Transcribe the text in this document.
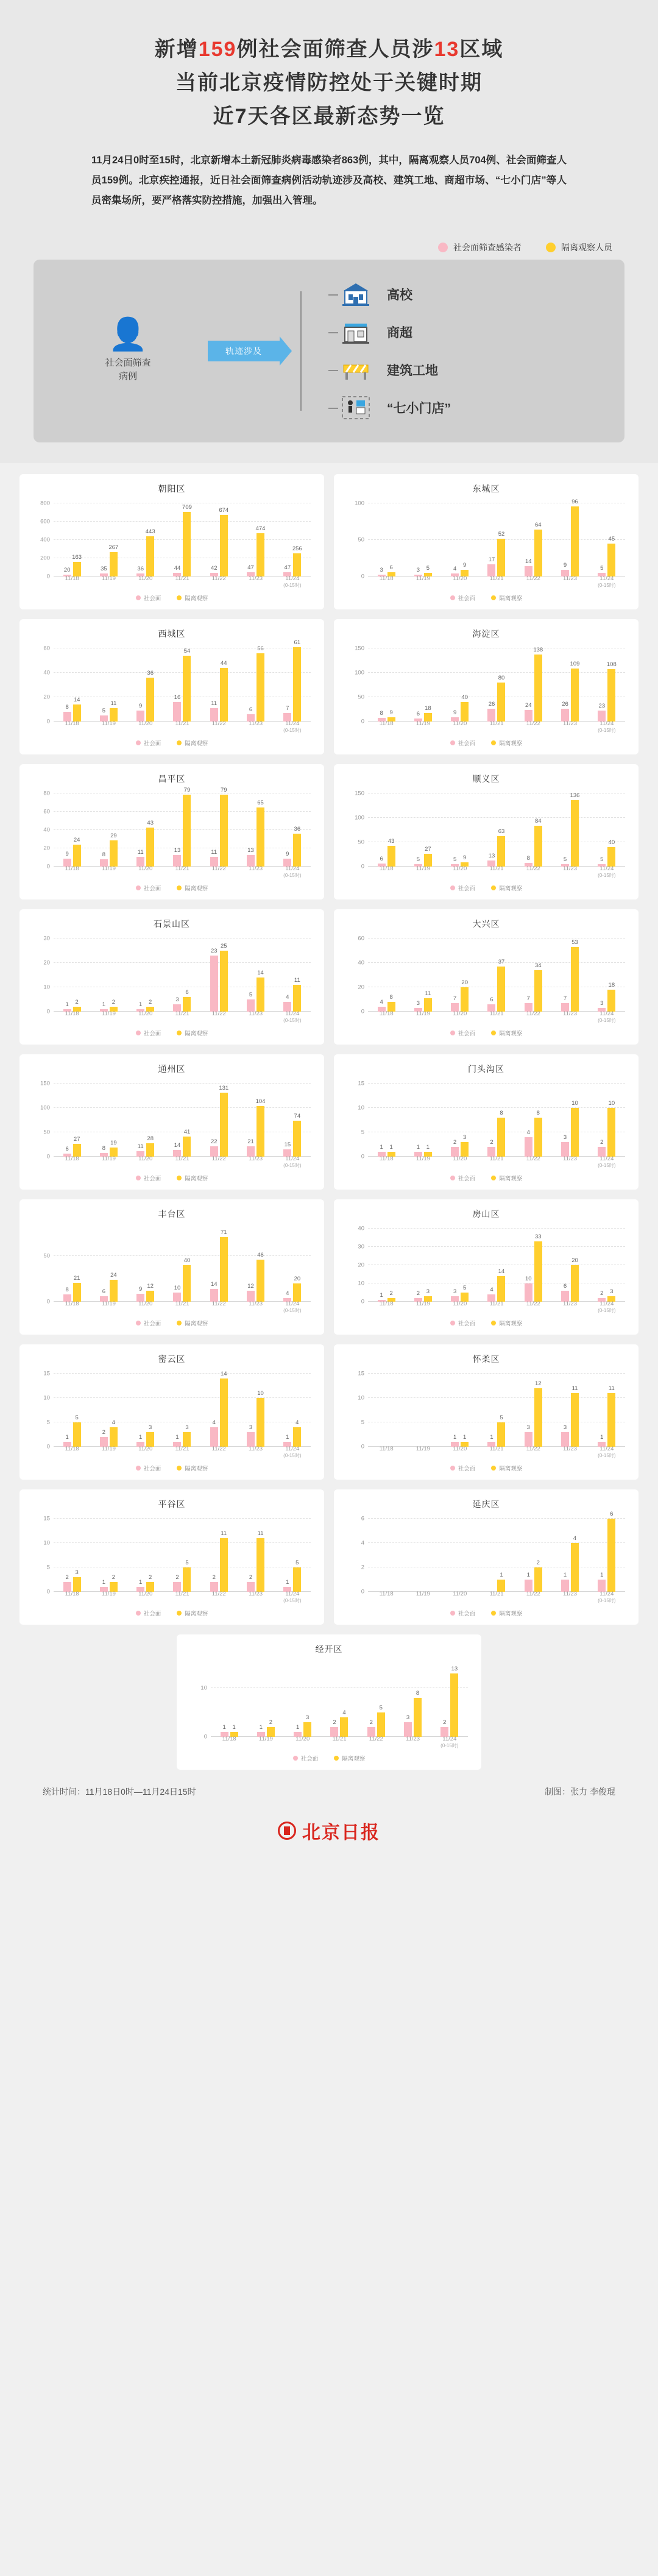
新增159例社会面筛查人员涉13区域
当前北京疫情防控处于关键时期
近7天各区最新态势一览
11月24日0时至15时，北京新增本土新冠肺炎病毒感染者863例，其中，隔离观察人员704例、社会面筛查人员159例。北京疾控通报，近日社会面筛查病例活动轨迹涉及高校、建筑工地、商超市场、“七小门店”等人员密集场所，要严格落实防控措施，加强出入管理。
社会面筛查感染者	隔离观察人员
👤
社会面筛查
病例
轨迹涉及
高校
商超
建筑工地
“七小门店”
朝阳区
0
200
400
600
800
20
163
35
267
36
443
44
709
42
674
47
474
47
256
11/18	11/19	11/20	11/21	11/22	11/23	11/24
(0-15时)
社会面	隔离观察
东城区
0
50
100
3 6	3 5	4
9
17
52
14
64
9
96
5
45
11/18	11/19	11/20	11/21	11/22	11/23	11/24
(0-15时)
社会面	隔离观察
西城区
0
20
40
60
8
14
5
11	9
36
16
54
11
44
6
56
7
61
11/18	11/19	11/20	11/21	11/22	11/23	11/24
(0-15时)
社会面	隔离观察
海淀区
0
50
100
150
8 9	6
18
9
40
26
80
24
138
26
109
23
108
11/18	11/19	11/20	11/21	11/22	11/23	11/24
(0-15时)
社会面	隔离观察
昌平区
0
20
40
60
80
9
24
8
29
11
43
13
79
11
79
13
65
9
36
11/18	11/19	11/20	11/21	11/22	11/23	11/24
(0-15时)
社会面	隔离观察
顺义区
0
50
100
150
6
43
5
27
5 9	13
63
8
84
5
136
5
40
11/18	11/19	11/20	11/21	11/22	11/23	11/24
(0-15时)
社会面	隔离观察
石景山区
0
10
20
30
1 2	1 2	1 2	3
6
23
25
5
14
4
11
11/18	11/19	11/20	11/21	11/22	11/23	11/24
(0-15时)
社会面	隔离观察
大兴区
0
20
40
60
4
8
3
11
7
20
6
37
7
34
7
53
3
18
11/18	11/19	11/20	11/21	11/22	11/23	11/24
(0-15时)
社会面	隔离观察
通州区
0
50
100
150
6
27
8
19
11
28
14
41
22
131
21
104
15
74
11/18	11/19	11/20	11/21	11/22	11/23	11/24
(0-15时)
社会面	隔离观察
门头沟区
0
5
10
15
1 1	1 1
2
3
2
8
4
8
3
10
2
10
11/18	11/19	11/20	11/21	11/22	11/23	11/24
(0-15时)
社会面	隔离观察
丰台区
0
50
8
21
6
24
9 12	10
40
14
71
12
46
4
20
11/18	11/19	11/20	11/21	11/22	11/23	11/24
(0-15时)
社会面	隔离观察
房山区
0
10
20
30
40
1 2	2 3	3
5	4
14
10
33
6
20
2 3
11/18	11/19	11/20	11/21	11/22	11/23	11/24
(0-15时)
社会面	隔离观察
密云区
0
5
10
15
1
5
2
4
1
3
1
3
4
14
3
10
1
4
11/18	11/19	11/20	11/21	11/22	11/23	11/24
(0-15时)
社会面	隔离观察
怀柔区
0
5
10
15
1 1	1
5
3
12
3
11
1
11
11/18	11/19	11/20	11/21	11/22	11/23	11/24
(0-15时)
社会面	隔离观察
平谷区
0
5
10
15
2
3
1
2
1
2	2
5
2
11
2
11
1
5
11/18	11/19	11/20	11/21	11/22	11/23	11/24
(0-15时)
社会面	隔离观察
延庆区
0
2
4
6
1	1
2
1
4
1
6
11/18	11/19	11/20	11/21	11/22	11/23	11/24
(0-15时)
社会面	隔离观察
经开区
0
10
1 1	1
2
1
3
2
4
2
5
3
8
2
13
11/18	11/19	11/20	11/21	11/22	11/23	11/24
(0-15时)
社会面	隔离观察
统计时间：11月18日0时—11月24日15时	制图：张力 李俊琨
北京日报
